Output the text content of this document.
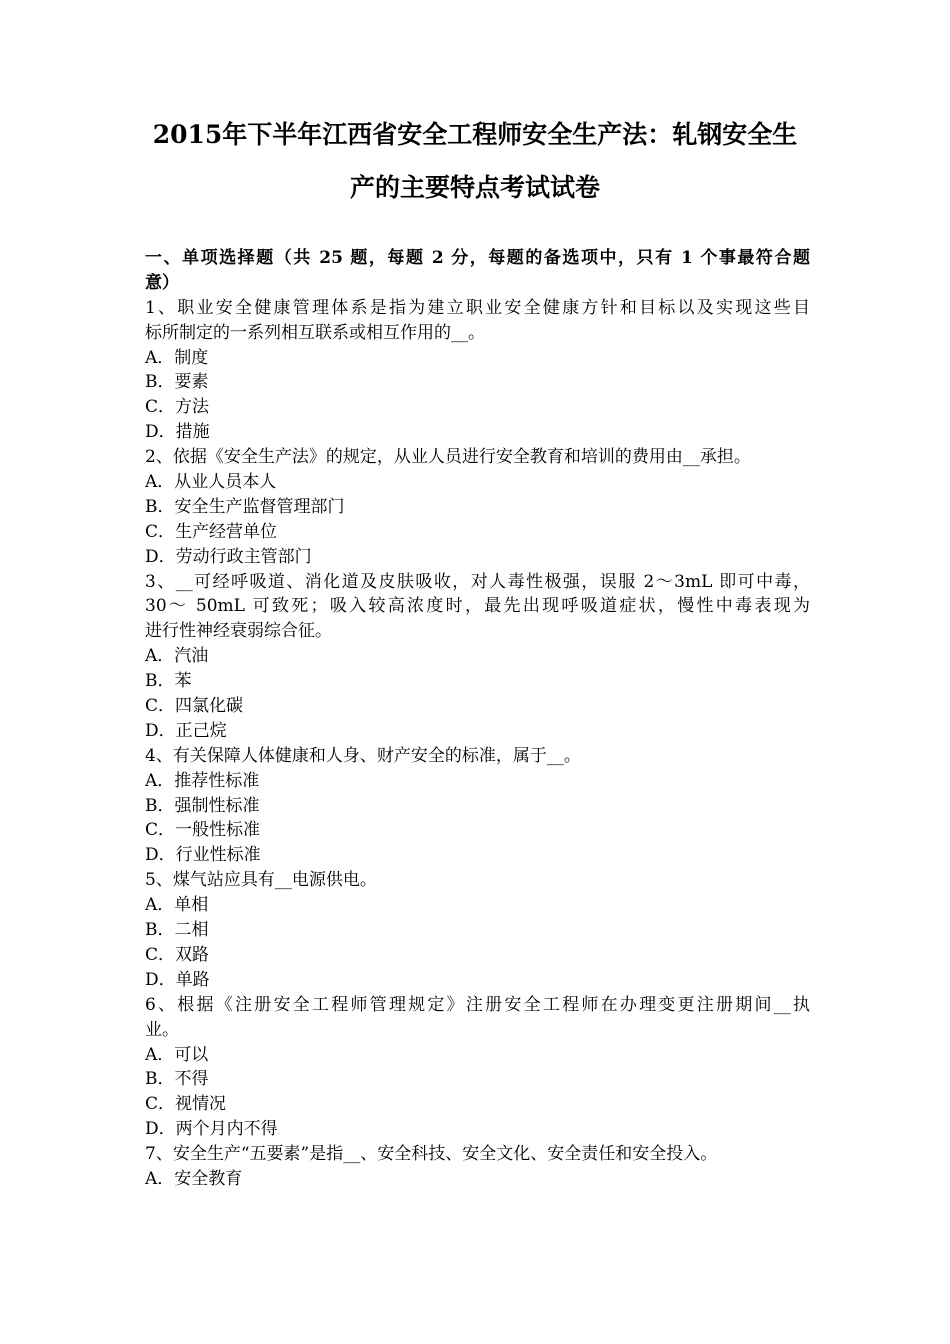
2015年下半年江西省安全工程师安全生产法：轧钢安全生
产的主要特点考试试卷
一、单项选择题（共 25 题，每题 2 分，每题的备选项中，只有 1 个事最符合题
意）
1、职业安全健康管理体系是指为建立职业安全健康方针和目标以及实现这些目
标所制定的一系列相互联系或相互作用的__。
A．制度
B．要素
C．方法
D．措施
2、依据《安全生产法》的规定，从业人员进行安全教育和培训的费用由__承担。
A．从业人员本人
B．安全生产监督管理部门
C．生产经营单位
D．劳动行政主管部门
3、__可经呼吸道、消化道及皮肤吸收，对人毒性极强，误服 2～3mL 即可中毒，
30～ 50mL 可致死；吸入较高浓度时，最先出现呼吸道症状，慢性中毒表现为
进行性神经衰弱综合征。
A．汽油
B．苯
C．四氯化碳
D．正己烷
4、有关保障人体健康和人身、财产安全的标准，属于__。
A．推荐性标准
B．强制性标准
C．一般性标准
D．行业性标准
5、煤气站应具有__电源供电。
A．单相
B．二相
C．双路
D．单路
6、根据《注册安全工程师管理规定》注册安全工程师在办理变更注册期间__执
业。
A．可以
B．不得
C．视情况
D．两个月内不得
7、安全生产“五要素”是指__、安全科技、安全文化、安全责任和安全投入。
A．安全教育
